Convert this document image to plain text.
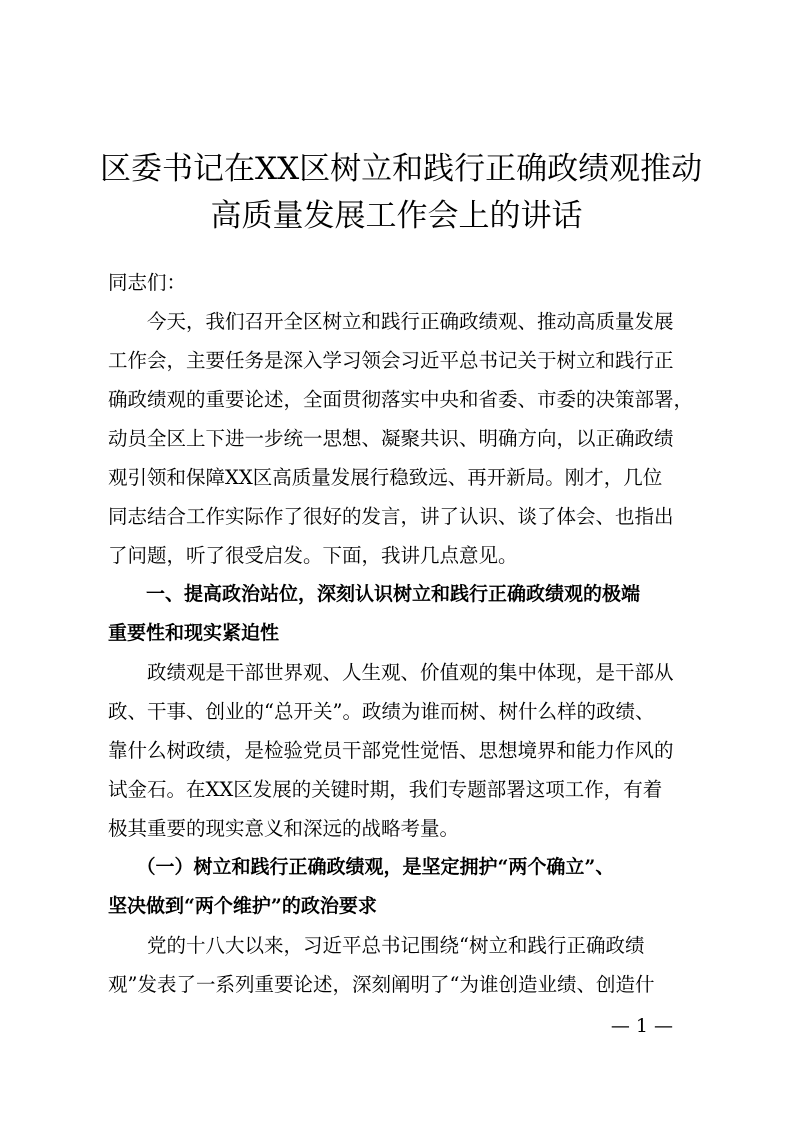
区委书记在XX区树立和践行正确政绩观推动
高质量发展工作会上的讲话
同志们：
　　今天，我们召开全区树立和践行正确政绩观、推动高质量发展
工作会，主要任务是深入学习领会习近平总书记关于树立和践行正
确政绩观的重要论述，全面贯彻落实中央和省委、市委的决策部署，
动员全区上下进一步统一思想、凝聚共识、明确方向，以正确政绩
观引领和保障XX区高质量发展行稳致远、再开新局。刚才，几位
同志结合工作实际作了很好的发言，讲了认识、谈了体会、也指出
了问题，听了很受启发。下面，我讲几点意见。
　　一、提高政治站位，深刻认识树立和践行正确政绩观的极端
重要性和现实紧迫性
　　政绩观是干部世界观、人生观、价值观的集中体现，是干部从
政、干事、创业的“总开关”。政绩为谁而树、树什么样的政绩、
靠什么树政绩，是检验党员干部党性觉悟、思想境界和能力作风的
试金石。在XX区发展的关键时期，我们专题部署这项工作，有着
极其重要的现实意义和深远的战略考量。
　　（一）树立和践行正确政绩观，是坚定拥护“两个确立”、
坚决做到“两个维护”的政治要求
　　党的十八大以来，习近平总书记围绕“树立和践行正确政绩
观”发表了一系列重要论述，深刻阐明了“为谁创造业绩、创造什
— 1 —
